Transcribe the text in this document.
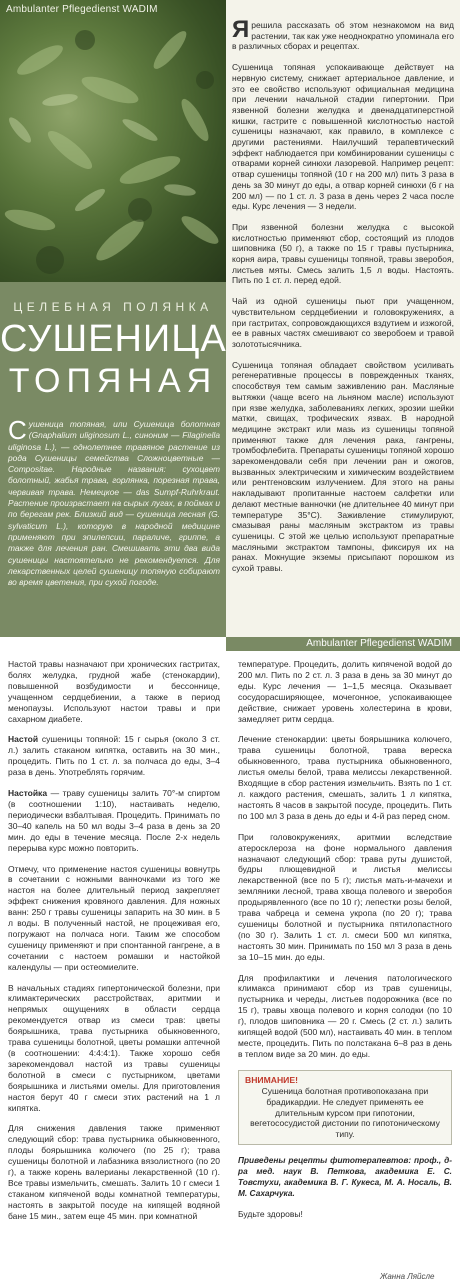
Ambulanter Pflegedienst WADIM
ЦЕЛЕБНАЯ ПОЛЯНКА
СУШЕНИЦА
ТОПЯНАЯ
Сушеница топяная, или Сушеница болотная (Gnaphalium uliginosum L., синоним — Filaginella uliginosa L.), — однолетнее травяное растение из рода Сушеницы семейства Сложноцветные — Compositae. Народные названия: сухоцвет болотный, жабья трава, горлянка, порезная трава, червивая трава. Немецкое — das Sumpf-Ruhrkraut. Растение произрастает на сырых лугах, в поймах и по берегам рек. Близкий вид — сушеница лесная (G. sylvaticum L.), которую в народной медицине применяют при эпилепсии, параличе, гриппе, а также для лечения ран. Смешивать эти два вида сушеницы настоятельно не рекомендуется. Для лекарственных целей сушеницу топяную собирают во время цветения, при сухой погоде.

Ярешила рассказать об этом незнакомом на вид растении, так как уже неоднократно упоминала его в различных сборах и рецептах.

Сушеница топяная успокаивающе действует на нервную систему, снижает артериальное давление, и это ее свойство используют официальная медицина при лечении начальной стадии гипертонии. При язвенной болезни желудка и двенадцатиперстной кишки, гастрите с повышенной кислотностью настой сушеницы назначают, как правило, в комплексе с другими растениями. Наилучший терапевтический эффект наблюдается при комбинировании сушеницы с отварами корней синюхи лазоревой. Например рецепт: отвар сушеницы топяной (10 г на 200 мл) пить 3 раза в день за 30 минут до еды, а отвар корней синюхи (6 г на 200 мл) — по 1 ст. л. 3 раза в день через 2 часа после еды. Курс лечения — 3 недели.

При язвенной болезни желудка с высокой кислотностью применяют сбор, состоящий из плодов шиповника (50 г), а также по 15 г травы пустырника, корня аира, травы сушеницы топяной, травы зверобоя, листьев мяты. Смесь залить 1,5 л воды. Настоять. Пить по 1 ст. л. перед едой.

Чай из одной сушеницы пьют при учащенном, чувствительном сердцебиении и головокружениях, а при гастритах, сопровождающихся вздутием и изжогой, ее в равных частях смешивают со зверобоем и травой золототысячника.

Сушеница топяная обладает свойством усиливать регенеративные процессы в поврежденных тканях, способствуя тем самым заживлению ран. Масляные вытяжки (чаще всего на льняном масле) используют при язве желудка, заболеваниях легких, эрозии шейки матки, свищах, трофических язвах. В народной медицине экстракт или мазь из сушеницы топяной применяют также для лечения рака, гангрены, тромбофлебита. Препараты сушеницы топяной хорошо зарекомендовали себя при лечении ран и ожогов, вызванных электрическим и химическим воздействием или рентгеновским излучением. Для этого на раны накладывают пропитанные настоем салфетки или делают местные ванночки (не длительнее 40 минут при температуре 35°С). Заживление стимулируют, смазывая раны масляным экстрактом из травы сушеницы. С этой же целью используют препаратные масляными экстрактом тампоны, фиксируя их на ранах. Мокнущие экземы присыпают порошком из сухой травы.

Ambulanter Pflegedienst WADIM

Настой травы назначают при хронических гастритах, болях желудка, грудной жабе (стенокардии), повышенной возбудимости и бессоннице, учащенном сердцебиении, а также в период менопаузы. Используют настои травы и при сахарном диабете.

Настой сушеницы топяной: 15 г сырья (около 3 ст. л.) залить стаканом кипятка, оставить на 30 мин., процедить. Пить по 1 ст. л. за полчаса до еды, 3–4 раза в день. Употреблять горячим.

Настойка — траву сушеницы залить 70°-м спиртом (в соотношении 1:10), настаивать неделю, периодически взбалтывая. Процедить. Принимать по 30–40 капель на 50 мл воды 3–4 раза в день за 20 мин. до еды в течение месяца. После 2-х недель перерыва курс можно повторить.

Отмечу, что применение настоя сушеницы вовнутрь в сочетании с ножными ванночками из того же настоя на более длительный период закрепляет эффект снижения кровяного давления. Для ножных ванн: 250 г травы сушеницы запарить на 30 мин. в 5 л воды. В полученный настой, не процеживая его, погружают на полчаса ноги. Таким же способом сушеницу применяют и при спонтанной гангрене, а в сочетании с настоем ромашки и настойкой календулы — при остеомиелите.

В начальных стадиях гипертонической болезни, при климактерических расстройствах, аритмии и непрямых ощущениях в области сердца рекомендуется отвар из смеси трав: цветы боярышника, трава пустырника обыкновенного, трава сушеницы болотной, цветы ромашки аптечной (в соотношении: 4:4:4:1). Также хорошо себя зарекомендовал настой из травы сушеницы болотной в смеси с пустырником, цветами боярышника и листьями омелы. Для приготовления настоя берут 40 г смеси этих растений на 1 л кипятка.

Для снижения давления также применяют следующий сбор: трава пустырника обыкновенного, плоды боярышника колючего (по 25 г); трава сушеницы болотной и лабазника вязолистного (по 20 г), а также корень валерианы лекарственной (10 г). Все травы измельчить, смешать. Залить 10 г смеси 1 стаканом кипяченой воды комнатной температуры, настоять в закрытой посуде на кипящей водяной бане 15 мин., затем еще 45 мин. при комнатной

температуре. Процедить, долить кипяченой водой до 200 мл. Пить по 2 ст. л. 3 раза в день за 30 минут до еды. Курс лечения — 1–1,5 месяца. Оказывает сосудорасширяющее, мочегонное, успокаивающее действие, снижает уровень холестерина в крови, замедляет ритм сердца.

Лечение стенокардии: цветы боярышника колючего, трава сушеницы болотной, трава вереска обыкновенного, трава пустырника обыкновенного, листья омелы белой, трава мелиссы лекарственной. Входящие в сбор растения измельчить. Взять по 1 ст. л. каждого растения, смешать, залить 1 л кипятка, настоять 8 часов в закрытой посуде, процедить. Пить по 100 мл 3 раза в день до еды и 4-й раз перед сном.

При головокружениях, аритмии вследствие атеросклероза на фоне нормального давления назначают следующий сбор: трава руты душистой, будры плющевидной и листья мелиссы лекарственной (все по 5 г); листья мать-и-мачехи и земляники лесной, трава хвоща полевого и зверобоя продырявленного (все по 10 г); лепестки розы белой, трава чабреца и семена укропа (по 20 г); трава сушеницы болотной и пустырника пятилопастного (по 30 г). Залить 1 ст. л. смеси 500 мл кипятка, настоять 30 мин. Принимать по 150 мл 3 раза в день за 10–15 мин. до еды.

Для профилактики и лечения патологического климакса принимают сбор из трав сушеницы, пустырника и череды, листьев подорожника (все по 15 г), травы хвоща полевого и корня солодки (по 10 г), плодов шиповника — 20 г. Смесь (2 ст. л.) залить кипящей водой (500 мл), настаивать 40 мин. в теплом месте, процедить. Пить по полстакана 6–8 раз в день в теплом виде за 20 мин. до еды.

ВНИМАНИЕ!
Сушеница болотная противопоказана при брадикардии. Не следует применять ее длительным курсом при гипотонии, вегетососудистой дистонии по гипотоническому типу.

Приведены рецепты фитотерапевтов: проф., д-ра мед. наук В. Петкова, академика Е. С. Товстухи, академика В. Г. Кукеса, М. А. Носаль, В. М. Сахарчука.

Будьте здоровы!
Жанна Ляйсле
